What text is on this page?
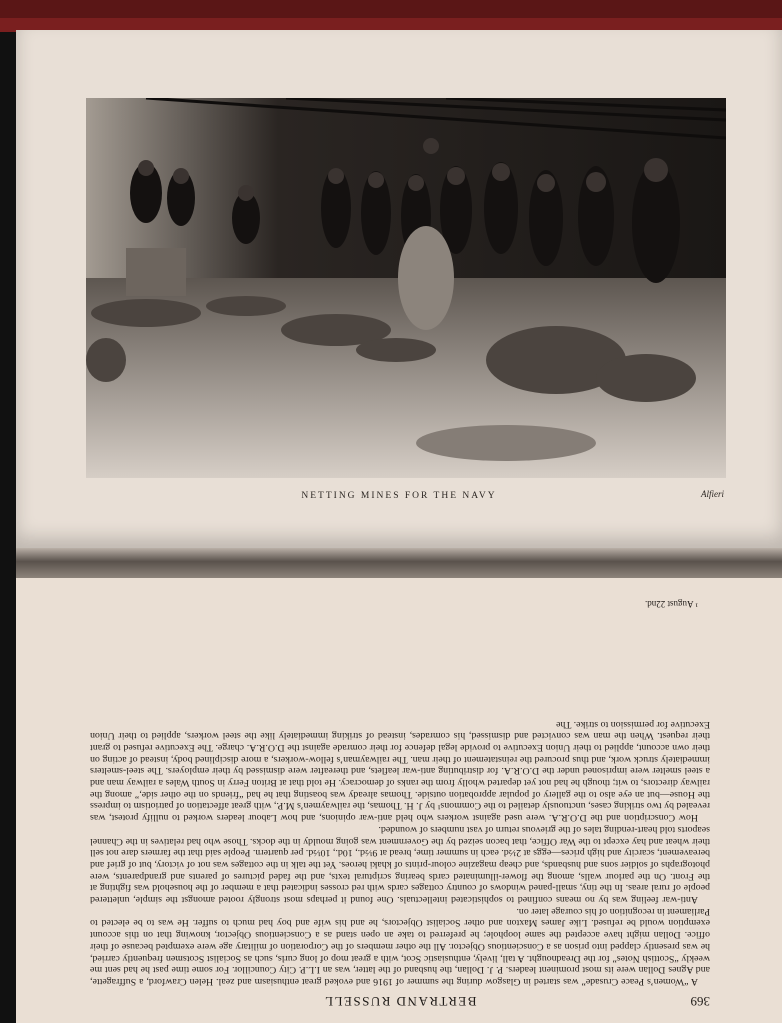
NETTING MINES FOR THE NAVY	Alfieri
BERTRAND RUSSELL	369

A “Women’s Peace Crusade” was started in Glasgow during the summer of 1916 and evoked great enthusiasm and zeal. Helen Crawford, a Suffragette, and Agnes Dollan were its most prominent leaders. P. J. Dollan, the husband of the latter, was an I.L.P. City Councillor. For some time past he had sent me weekly “Scottish Notes” for the Dreadnought. A tall, lively, enthusiastic Scot, with a great mop of long curls, such as Socialist Scotsmen frequently carried, he was presently clapped into prison as a Conscientious Objector. All the other members of the Corporation of military age were exempted because of their office. Dollan might have accepted the same loophole; he preferred to take an open stand as a Conscientious Objector, knowing that on this account exemption would be refused. Like James Maxton and other Socialist Objectors, he and his wife and boy had much to suffer. He was to be elected to Parliament in recognition of his courage later on.

Anti-war feeling was by no means confined to sophisticated intellectuals. One found it perhaps most strongly rooted amongst the simple, unlettered people of rural areas. In the tiny, small-paned windows of country cottages cards with red crosses indicated that a member of the household was fighting at the Front. On the parlour walls, among the flower-illuminated cards bearing scriptural texts, and the faded pictures of parents and grandparents, were photographs of soldier sons and husbands, and cheap magazine colour-prints of khaki heroes. Yet the talk in the cottages was not of victory, but of grief and bereavement, scarcity and high prices—eggs at 2½d. each in summer time, bread at 9½d., 10d., 10½d. per quartern. People said that the farmers dare not sell their wheat and hay except to the War Office, that bacon seized by the Government was going mouldy in the docks. Those who had relatives in the Channel seaports told heart-rending tales of the grievous return of vast numbers of wounded.

How Conscription and the D.O.R.A. were used against workers who held anti-war opinions, and how Labour leaders worked to nullify protest, was revealed by two striking cases, unctuously detailed to the Commons¹ by J. H. Thomas, the railwaymen’s M.P., with great affectation of patriotism to impress the House—but an eye also to the gallery of popular approbation outside. Thomas already was boasting that he had “friends on the other side,” among the railway directors, to wit; though he had not yet departed wholly from the ranks of democracy. He told that at Briton Ferry in South Wales a railway man and a steel smelter were imprisoned under the D.O.R.A. for distributing anti-war leaflets, and thereafter were dismissed by their employers. The steel-smelters immediately struck work, and thus procured the reinstatement of their man. The railwayman’s fellow-workers, a more disciplined body, instead of acting on their own account, applied to their Union Executive to provide legal defence for their comrade against the D.O.R.A. charge. The Executive refused to grant their request. When the man was convicted and dismissed, his comrades, instead of striking immediately like the steel workers, applied to their Union Executive for permission to strike. The

¹ August 22nd.
